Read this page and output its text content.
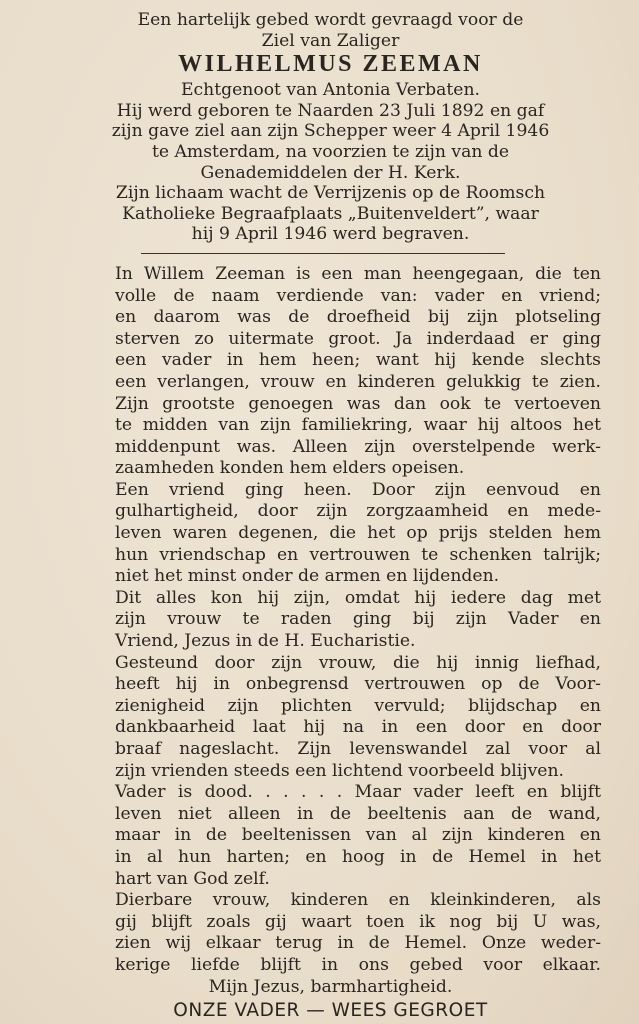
Een hartelijk gebed wordt gevraagd voor de
Ziel van Zaliger
WILHELMUS ZEEMAN
Echtgenoot van Antonia Verbaten.
Hij werd geboren te Naarden 23 Juli 1892 en gaf
zijn gave ziel aan zijn Schepper weer 4 April 1946
te Amsterdam, na voorzien te zijn van de
Genademiddelen der H. Kerk.
Zijn lichaam wacht de Verrijzenis op de Roomsch
Katholieke Begraafplaats „Buitenveldert”, waar
hij 9 April 1946 werd begraven.
In Willem Zeeman is een man heengegaan, die ten
volle de naam verdiende van: vader en vriend;
en daarom was de droefheid bij zijn plotseling
sterven zo uitermate groot. Ja inderdaad er ging
een vader in hem heen; want hij kende slechts
een verlangen, vrouw en kinderen gelukkig te zien.
Zijn grootste genoegen was dan ook te vertoeven
te midden van zijn familiekring, waar hij altoos het
middenpunt was. Alleen zijn overstelpende werk-
zaamheden konden hem elders opeisen.
Een vriend ging heen. Door zijn eenvoud en
gulhartigheid, door zijn zorgzaamheid en mede-
leven waren degenen, die het op prijs stelden hem
hun vriendschap en vertrouwen te schenken talrijk;
niet het minst onder de armen en lijdenden.
Dit alles kon hij zijn, omdat hij iedere dag met
zijn vrouw te raden ging bij zijn Vader en
Vriend, Jezus in de H. Eucharistie.
Gesteund door zijn vrouw, die hij innig liefhad,
heeft hij in onbegrensd vertrouwen op de Voor-
zienigheid zijn plichten vervuld; blijdschap en
dankbaarheid laat hij na in een door en door
braaf nageslacht. Zijn levenswandel zal voor al
zijn vrienden steeds een lichtend voorbeeld blijven.
Vader is dood. . . . . . Maar vader leeft en blijft
leven niet alleen in de beeltenis aan de wand,
maar in de beeltenissen van al zijn kinderen en
in al hun harten; en hoog in de Hemel in het
hart van God zelf.
Dierbare vrouw, kinderen en kleinkinderen, als
gij blijft zoals gij waart toen ik nog bij U was,
zien wij elkaar terug in de Hemel. Onze weder-
kerige liefde blijft in ons gebed voor elkaar.
Mijn Jezus, barmhartigheid.
ONZE VADER — WEES GEGROET
